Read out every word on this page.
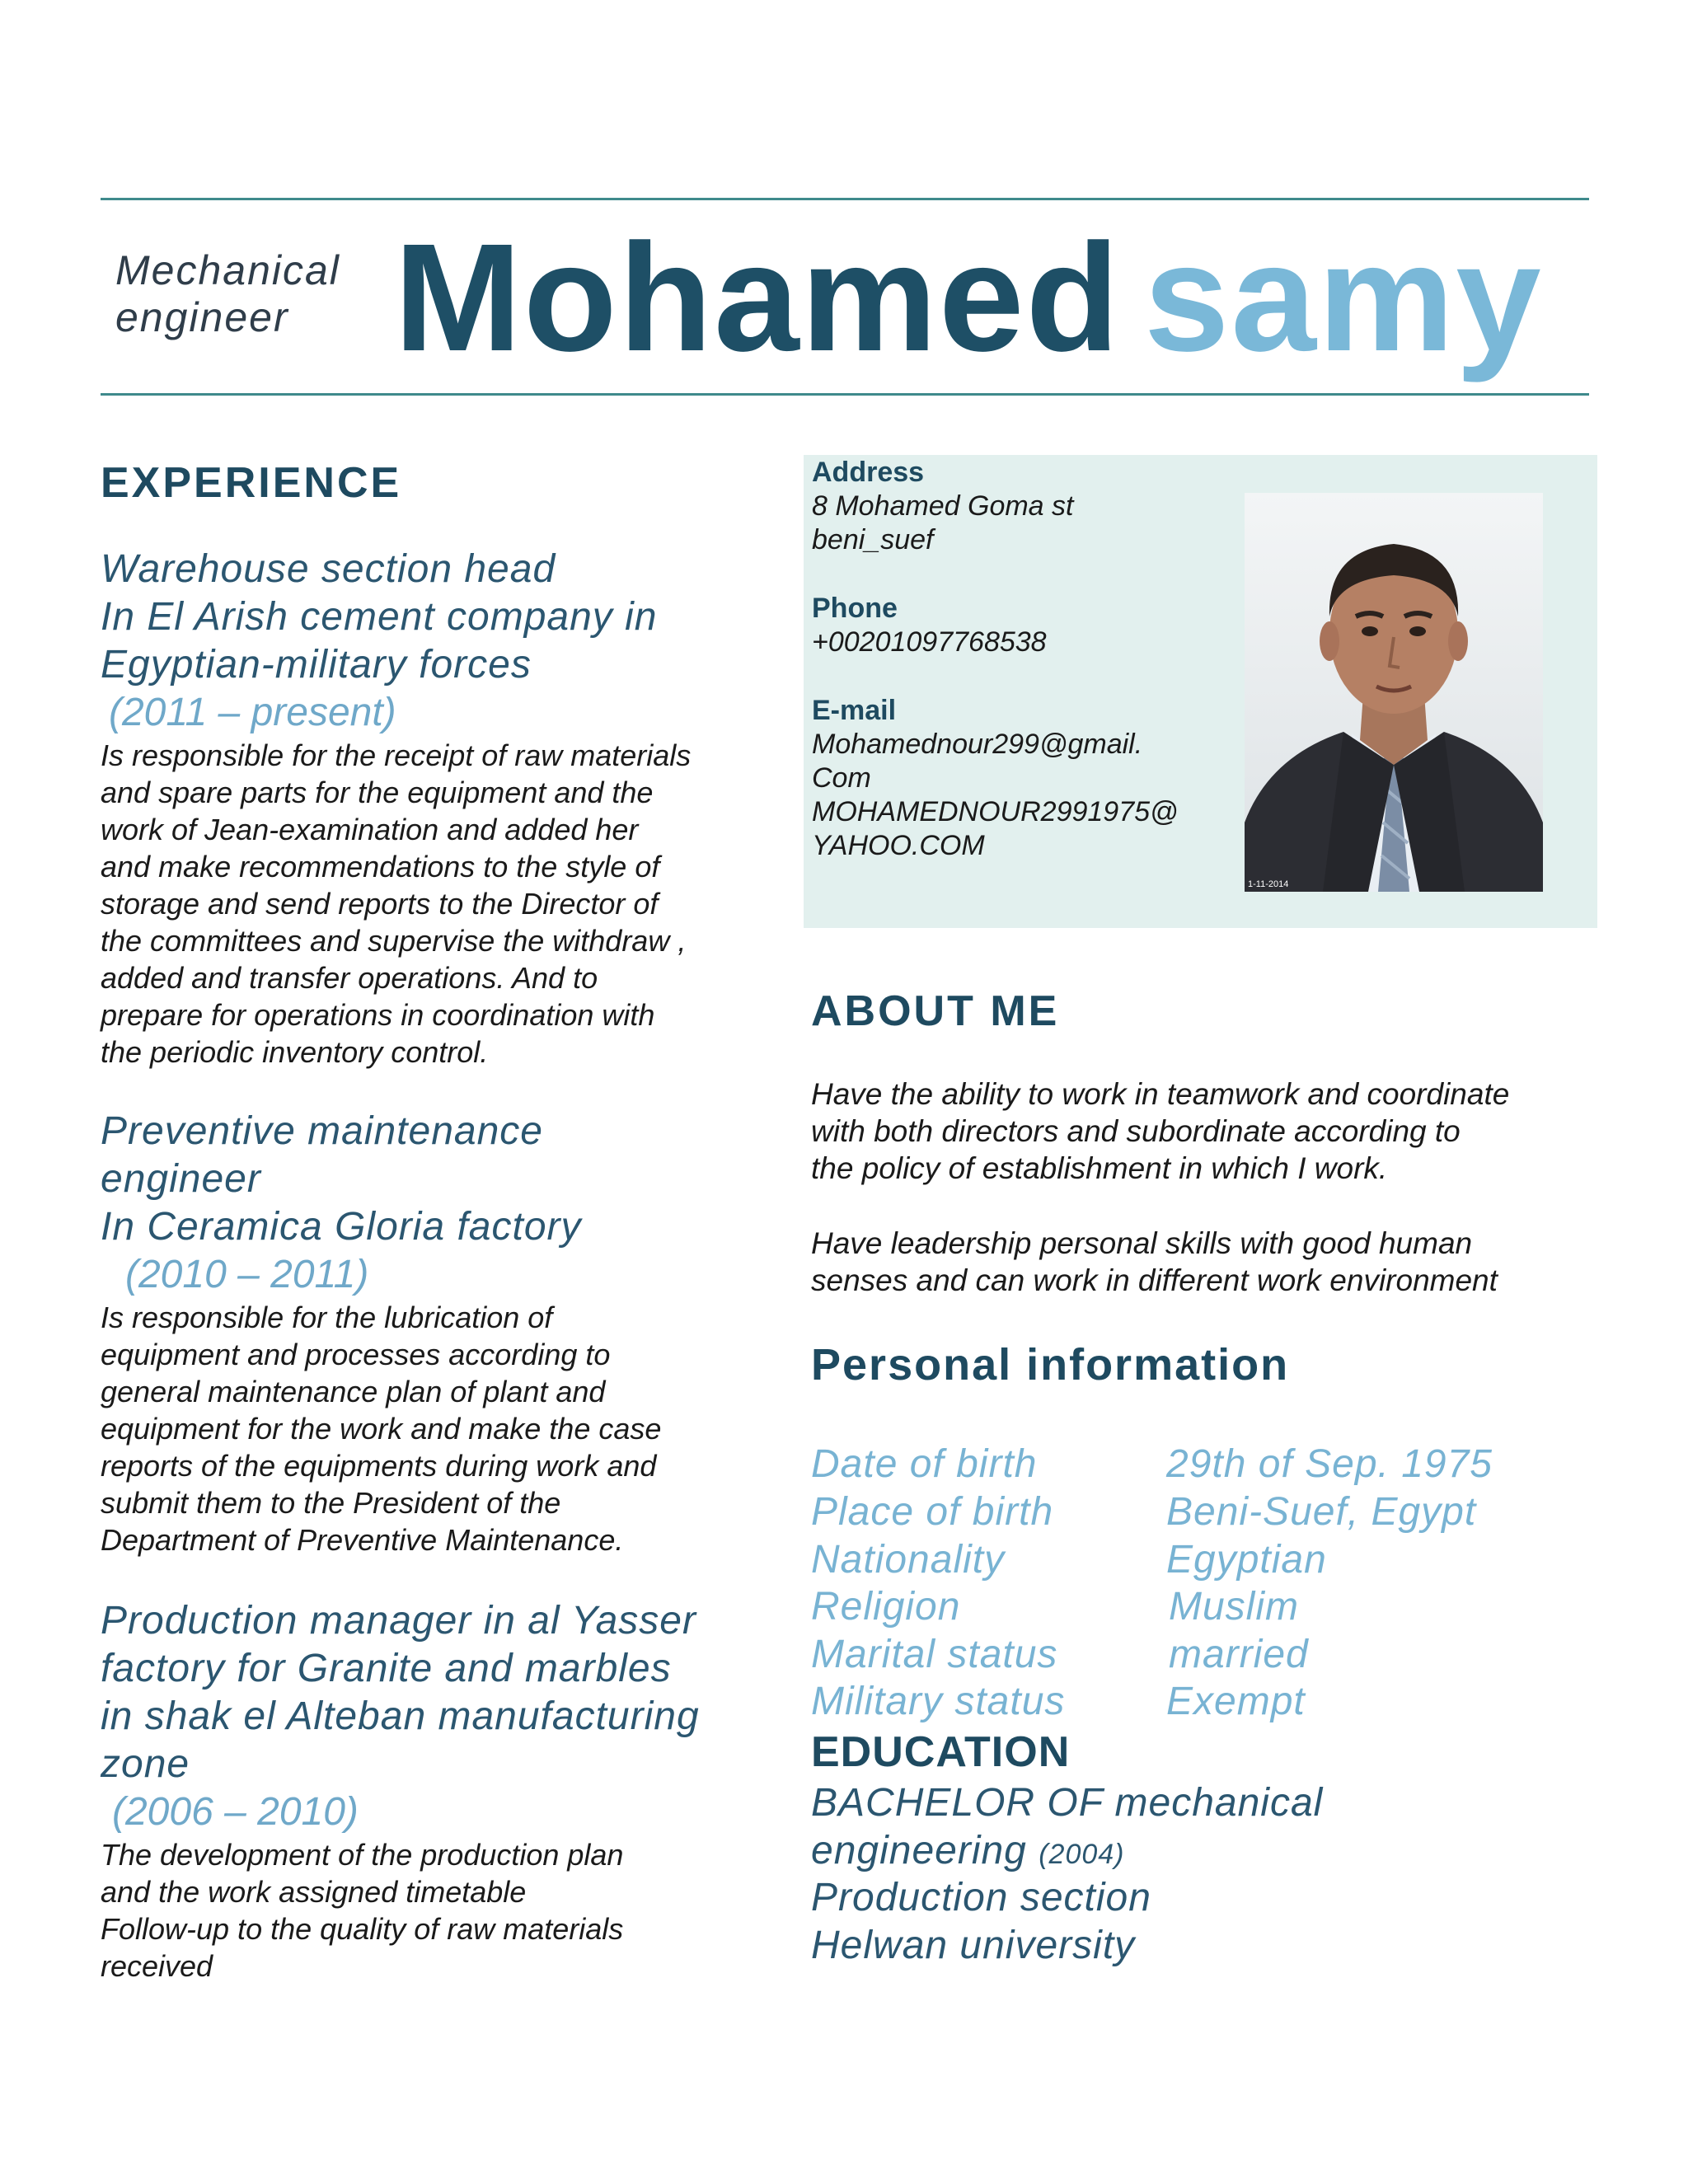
Mechanical
engineer Mohamed samy
EXPERIENCE
Warehouse section head
In El Arish cement company in
Egyptian-military forces
(2011 – present)
Is responsible for the receipt of raw materials
and spare parts for the equipment and the
work of Jean-examination and added her
and make recommendations to the style of
storage and send reports to the Director of
the committees and supervise the withdraw ,
added and transfer operations. And to
prepare for operations in coordination with
the periodic inventory control.
Preventive maintenance
engineer
In Ceramica Gloria factory
(2010 – 2011)
Is responsible for the lubrication of
equipment and processes according to
general maintenance plan of plant and
equipment for the work and make the case
reports of the equipments during work and
submit them to the President of the
Department of Preventive Maintenance.
Production manager in al Yasser
factory for Granite and marbles
in shak el Alteban manufacturing
zone
(2006 – 2010)
The development of the production plan
and the work assigned timetable
Follow-up to the quality of raw materials
received
Address
8 Mohamed Goma st
beni_suef
Phone
+00201097768538
E-mail
Mohamednour299@gmail.
Com
MOHAMEDNOUR2991975@
YAHOO.COM
1-11-2014
ABOUT ME
Have the ability to work in teamwork and coordinate
with both directors and subordinate according to
the policy of establishment in which I work.
Have leadership personal skills with good human
senses and can work in different work environment
Personal information
Date of birth	29th of Sep. 1975
Place of birth	Beni-Suef, Egypt
Nationality	Egyptian
Religion	Muslim
Marital status	married
Military status	Exempt
EDUCATION
BACHELOR OF mechanical
engineering (2004)
Production section
Helwan university
